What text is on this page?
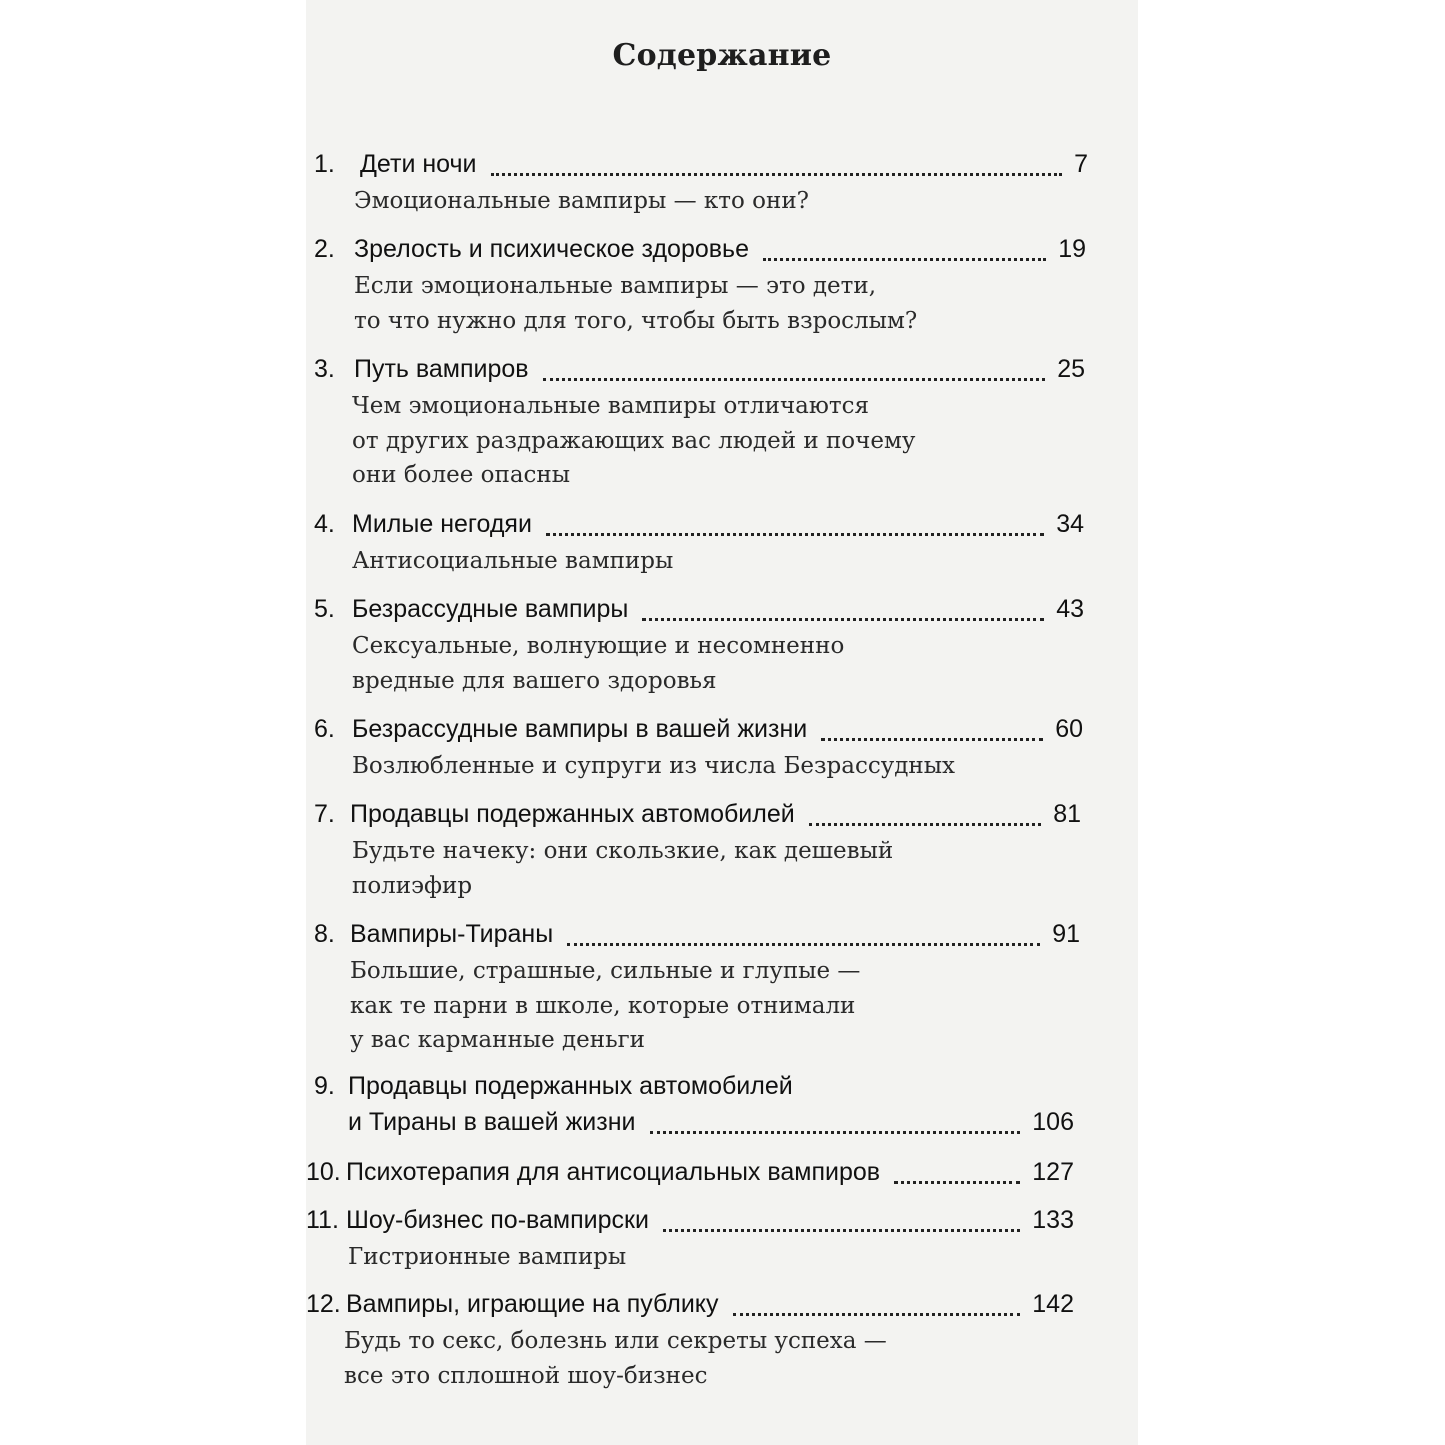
Содержание
1.	Дети ночи	7
Эмоциональные вампиры — кто они?
2. Зрелость и психическое здоровье	19
Если эмоциональные вампиры — это дети,
то что нужно для того, чтобы быть взрослым?
3. Путь вампиров	25
Чем эмоциональные вампиры отличаются
от других раздражающих вас людей и почему
они более опасны
4. Милые негодяи	34
Антисоциальные вампиры
5. Безрассудные вампиры	43
Сексуальные, волнующие и несомненно
вредные для вашего здоровья
6. Безрассудные вампиры в вашей жизни	60
Возлюбленные и супруги из числа Безрассудных
7. Продавцы подержанных автомобилей	81
Будьте начеку: они скользкие, как дешевый
полиэфир
8. Вампиры-Тираны	91
Большие, страшные, сильные и глупые —
как те парни в школе, которые отнимали
у вас карманные деньги
9. Продавцы подержанных автомобилей
и Тираны в вашей жизни	106
10. Психотерапия для антисоциальных вампиров	127
11. Шоу-бизнес по-вампирски	133
Гистрионные вампиры
12. Вампиры, играющие на публику	142
Будь то секс, болезнь или секреты успеха —
все это сплошной шоу-бизнес
